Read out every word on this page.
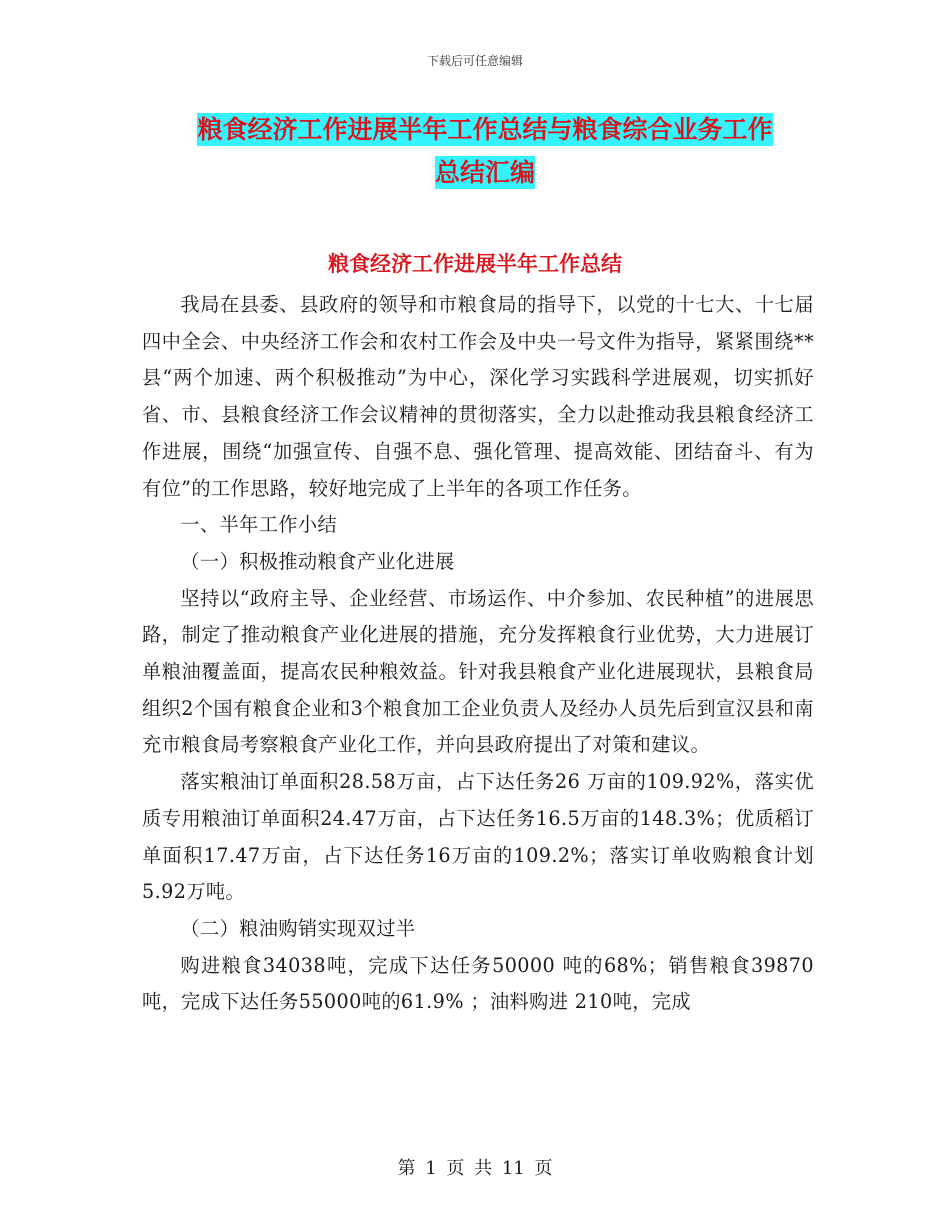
下载后可任意编辑
粮食经济工作进展半年工作总结与粮食综合业务工作
总结汇编
粮食经济工作进展半年工作总结

我局在县委、县政府的领导和市粮食局的指导下，以党的十七大、十七届四中全会、中央经济工作会和农村工作会及中央一号文件为指导，紧紧围绕**县“两个加速、两个积极推动”为中心，深化学习实践科学进展观，切实抓好省、市、县粮食经济工作会议精神的贯彻落实，全力以赴推动我县粮食经济工作进展，围绕“加强宣传、自强不息、强化管理、提高效能、团结奋斗、有为有位”的工作思路，较好地完成了上半年的各项工作任务。

一、半年工作小结

（一）积极推动粮食产业化进展

坚持以“政府主导、企业经营、市场运作、中介参加、农民种植”的进展思路，制定了推动粮食产业化进展的措施，充分发挥粮食行业优势，大力进展订单粮油覆盖面，提高农民种粮效益。针对我县粮食产业化进展现状，县粮食局组织2个国有粮食企业和3个粮食加工企业负责人及经办人员先后到宣汉县和南充市粮食局考察粮食产业化工作，并向县政府提出了对策和建议。

落实粮油订单面积28.58万亩，占下达任务26 万亩的109.92%，落实优质专用粮油订单面积24.47万亩，占下达任务16.5万亩的148.3%；优质稻订单面积17.47万亩，占下达任务16万亩的109.2%；落实订单收购粮食计划5.92万吨。

（二）粮油购销实现双过半

购进粮食34038吨，完成下达任务50000 吨的68%；销售粮食39870吨，完成下达任务55000吨的61.9% ；油料购进 210吨，完成

第 1 页 共 11 页
